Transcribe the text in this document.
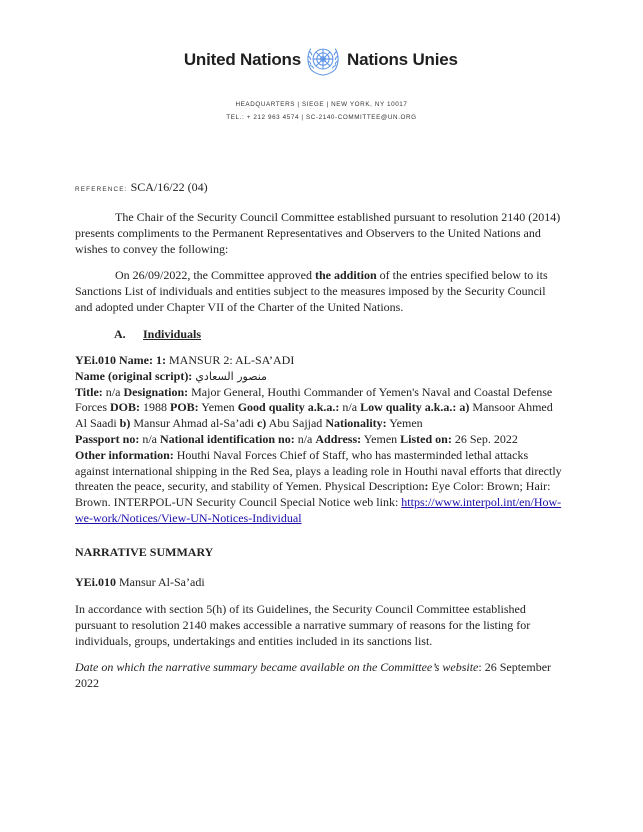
United Nations	Nations Unies
HEADQUARTERS | SIEGE | NEW YORK, NY 10017
TEL.: + 212 963 4574 | SC-2140-COMMITTEE@UN.ORG
REFERENCE: SCA/16/22 (04)
The Chair of the Security Council Committee established pursuant to resolution 2140 (2014) presents compliments to the Permanent Representatives and Observers to the United Nations and wishes to convey the following:
On 26/09/2022, the Committee approved the addition of the entries specified below to its Sanctions List of individuals and entities subject to the measures imposed by the Security Council and adopted under Chapter VII of the Charter of the United Nations.
A. Individuals
YEi.010 Name: 1: MANSUR 2: AL-SA’ADI
Name (original script): منصور السعادي
Title: n/a Designation: Major General, Houthi Commander of Yemen's Naval and Coastal Defense Forces DOB: 1988 POB: Yemen Good quality a.k.a.: n/a Low quality a.k.a.: a) Mansoor Ahmed Al Saadi b) Mansur Ahmad al-Sa’adi c) Abu Sajjad Nationality: Yemen
Passport no: n/a National identification no: n/a Address: Yemen Listed on: 26 Sep. 2022
Other information: Houthi Naval Forces Chief of Staff, who has masterminded lethal attacks against international shipping in the Red Sea, plays a leading role in Houthi naval efforts that directly threaten the peace, security, and stability of Yemen. Physical Description: Eye Color: Brown; Hair: Brown. INTERPOL-UN Security Council Special Notice web link: https://www.interpol.int/en/How-we-work/Notices/View-UN-Notices-Individual
NARRATIVE SUMMARY
YEi.010 Mansur Al-Sa’adi
In accordance with section 5(h) of its Guidelines, the Security Council Committee established pursuant to resolution 2140 makes accessible a narrative summary of reasons for the listing for individuals, groups, undertakings and entities included in its sanctions list.
Date on which the narrative summary became available on the Committee’s website: 26 September 2022
